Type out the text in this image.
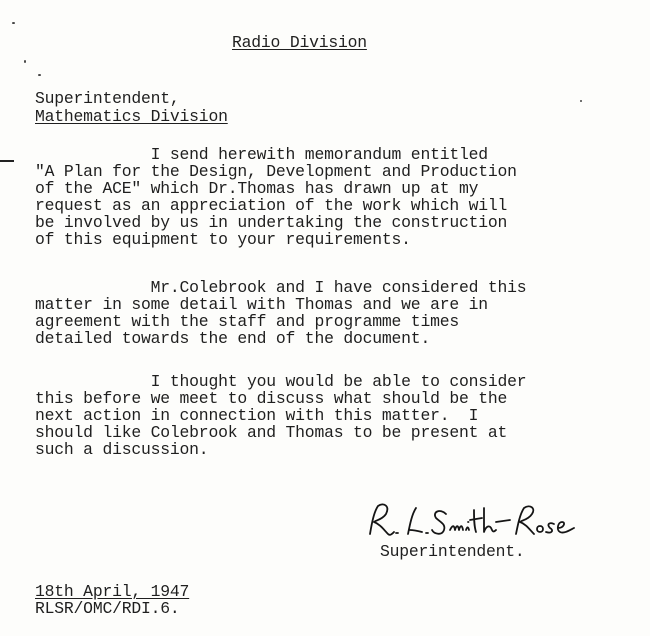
Radio Division
Superintendent,
Mathematics Division
I send herewith memorandum entitled
"A Plan for the Design, Development and Production
of the ACE" which Dr.Thomas has drawn up at my
request as an appreciation of the work which will
be involved by us in undertaking the construction
of this equipment to your requirements.
Mr.Colebrook and I have considered this
matter in some detail with Thomas and we are in
agreement with the staff and programme times
detailed towards the end of the document.
I thought you would be able to consider
this before we meet to discuss what should be the
next action in connection with this matter.  I
should like Colebrook and Thomas to be present at
such a discussion.
Superintendent.
18th April, 1947
RLSR/OMC/RDI.6.
